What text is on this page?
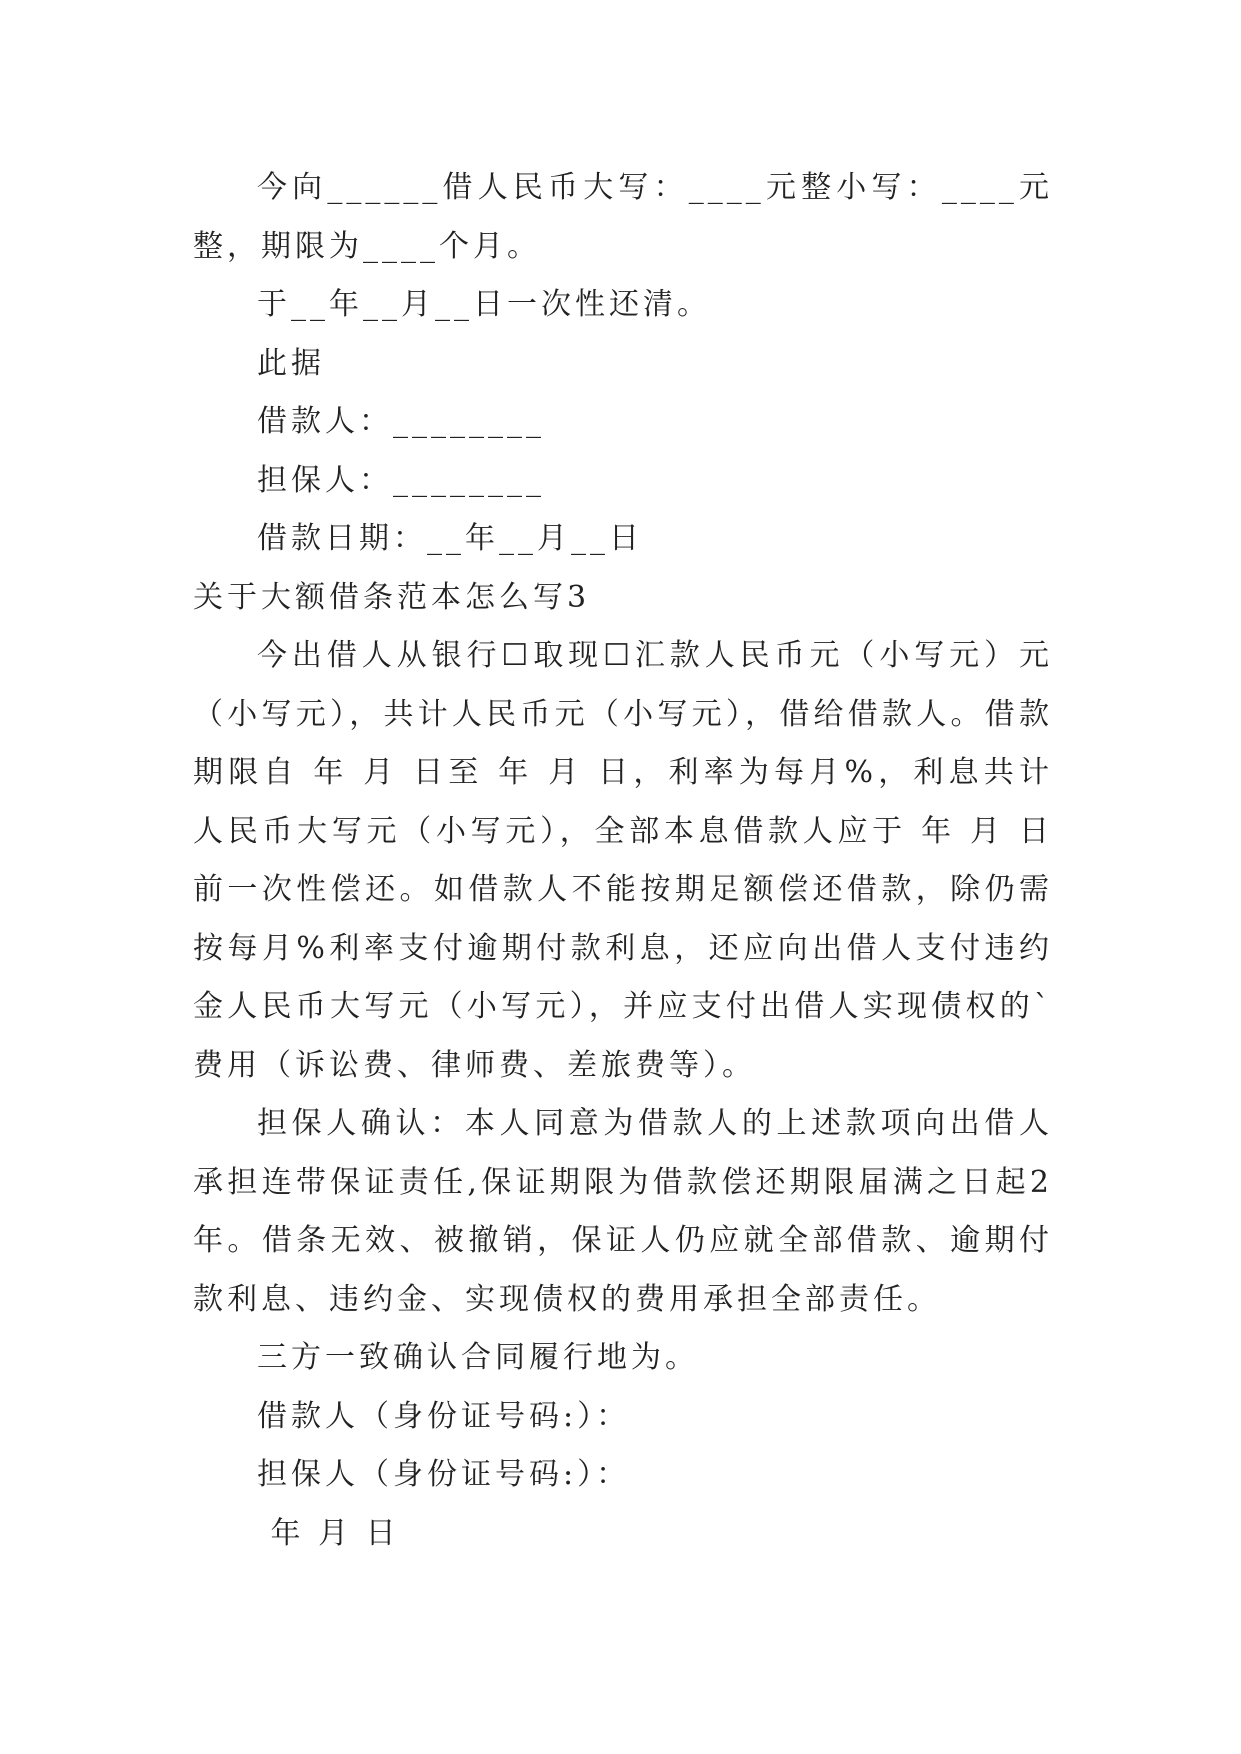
今向______借人民币大写：____元整小写：____元整，期限为____个月。

于__年__月__日一次性还清。

此据

借款人：________

担保人：________

借款日期：__年__月__日

关于大额借条范本怎么写3

今出借人从银行☐取现☐汇款人民币元（小写元）元（小写元），共计人民币元（小写元），借给借款人。借款期限自 年 月 日至 年 月 日，利率为每月%，利息共计人民币大写元（小写元），全部本息借款人应于 年 月 日前一次性偿还。如借款人不能按期足额偿还借款，除仍需按每月%利率支付逾期付款利息，还应向出借人支付违约金人民币大写元（小写元），并应支付出借人实现债权的`费用（诉讼费、律师费、差旅费等）。

担保人确认：本人同意为借款人的上述款项向出借人承担连带保证责任,保证期限为借款偿还期限届满之日起2年。借条无效、被撤销，保证人仍应就全部借款、逾期付款利息、违约金、实现债权的费用承担全部责任。

三方一致确认合同履行地为。

借款人（身份证号码:）：

担保人（身份证号码:）：

年 月 日
